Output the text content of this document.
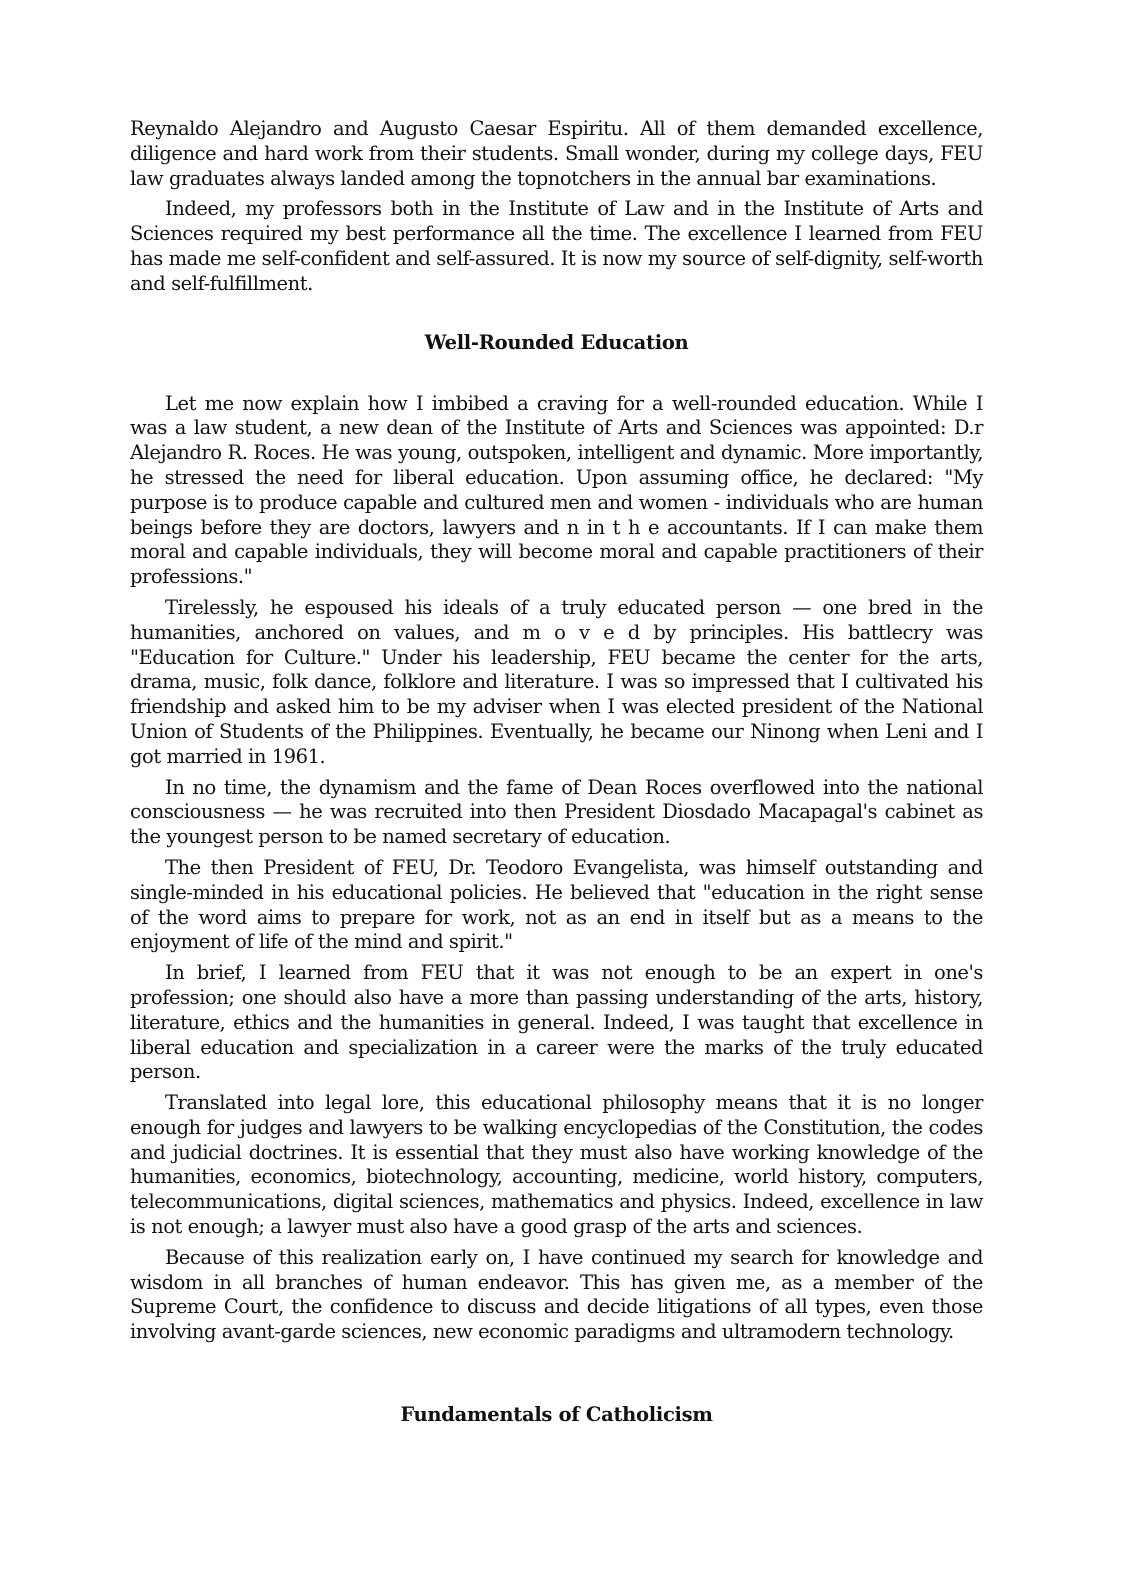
Reynaldo Alejandro and Augusto Caesar Espiritu. All of them demanded excellence, diligence and hard work from their students. Small wonder, during my college days, FEU law graduates always landed among the topnotchers in the annual bar examinations.

Indeed, my professors both in the Institute of Law and in the Institute of Arts and Sciences required my best performance all the time. The excellence I learned from FEU has made me self-confident and self-assured. It is now my source of self-dignity, self-worth and self-fulfillment.

Well-Rounded Education

Let me now explain how I imbibed a craving for a well-rounded education. While I was a law student, a new dean of the Institute of Arts and Sciences was appointed: D.r Alejandro R. Roces. He was young, outspoken, intelligent and dynamic. More importantly, he stressed the need for liberal education. Upon assuming office, he declared: "My purpose is to produce capable and cultured men and women - individuals who are human beings before they are doctors, lawyers and n in t h e accountants. If I can make them moral and capable individuals, they will become moral and capable practitioners of their professions."

Tirelessly, he espoused his ideals of a truly educated person — one bred in the humanities, anchored on values, and m o v e d by principles. His battlecry was "Education for Culture." Under his leadership, FEU became the center for the arts, drama, music, folk dance, folklore and literature. I was so impressed that I cultivated his friendship and asked him to be my adviser when I was elected president of the National Union of Students of the Philippines. Eventually, he became our Ninong when Leni and I got married in 1961.

In no time, the dynamism and the fame of Dean Roces overflowed into the national consciousness — he was recruited into then President Diosdado Macapagal's cabinet as the youngest person to be named secretary of education.

The then President of FEU, Dr. Teodoro Evangelista, was himself outstanding and single-minded in his educational policies. He believed that "education in the right sense of the word aims to prepare for work, not as an end in itself but as a means to the enjoyment of life of the mind and spirit."

In brief, I learned from FEU that it was not enough to be an expert in one's profession; one should also have a more than passing understanding of the arts, history, literature, ethics and the humanities in general. Indeed, I was taught that excellence in liberal education and specialization in a career were the marks of the truly educated person.

Translated into legal lore, this educational philosophy means that it is no longer enough for judges and lawyers to be walking encyclopedias of the Constitution, the codes and judicial doctrines. It is essential that they must also have working knowledge of the humanities, economics, biotechnology, accounting, medicine, world history, computers, telecommunications, digital sciences, mathematics and physics. Indeed, excellence in law is not enough; a lawyer must also have a good grasp of the arts and sciences.

Because of this realization early on, I have continued my search for knowledge and wisdom in all branches of human endeavor. This has given me, as a member of the Supreme Court, the confidence to discuss and decide litigations of all types, even those involving avant-garde sciences, new economic paradigms and ultramodern technology.

Fundamentals of Catholicism
